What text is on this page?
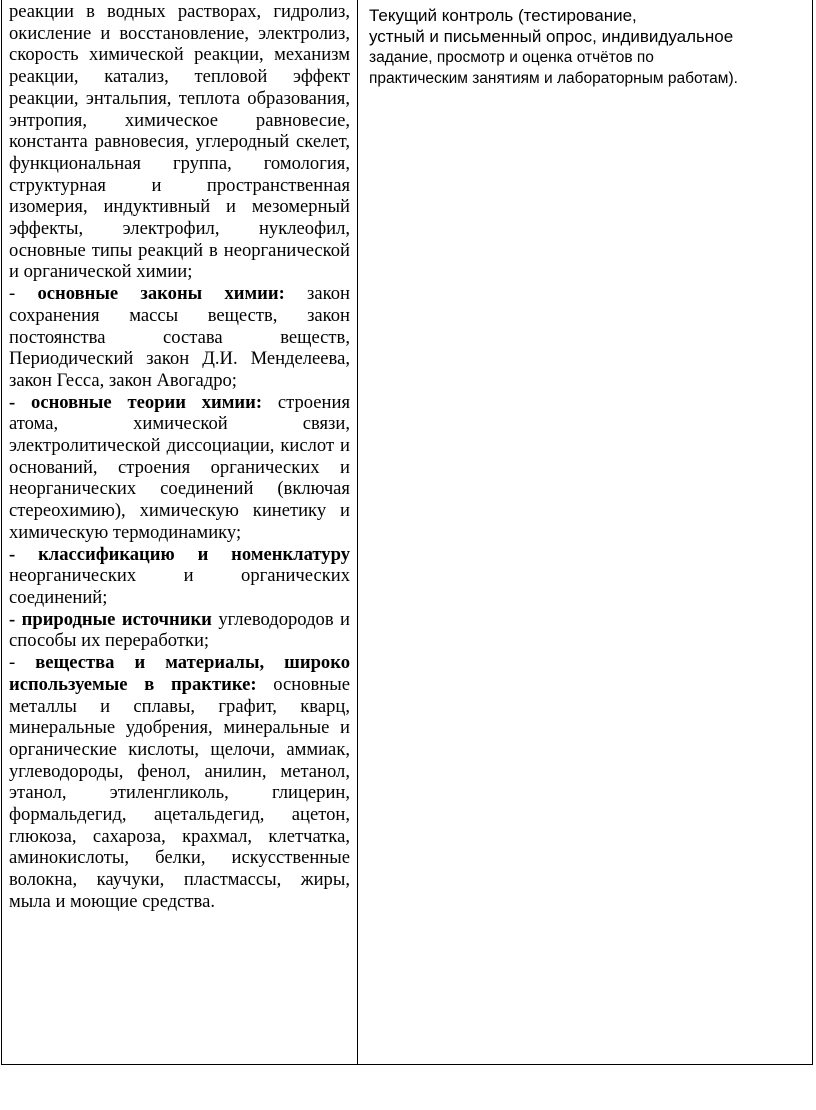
реакции в водных растворах, гидролиз, окисление и восстановление, электролиз, скорость химической реакции, механизм реакции, катализ, тепловой эффект реакции, энтальпия, теплота образования, энтропия, химическое равновесие, константа равновесия, углеродный скелет, функциональная группа, гомология, структурная и пространственная изомерия, индуктивный и мезомерный эффекты, электрофил, нуклеофил, основные типы реакций в неорганической и органической химии;

- основные законы химии: закон сохранения массы веществ, закон постоянства состава веществ, Периодический закон Д.И. Менделеева, закон Гесса, закон Авогадро;

- основные теории химии: строения атома, химической связи, электролитической диссоциации, кислот и оснований, строения органических и неорганических соединений (включая стереохимию), химическую кинетику и химическую термодинамику;

- классификацию и номенклатуру неорганических и органических соединений;

- природные источники углеводородов и способы их переработки;

- вещества и материалы, широко используемые в практике: основные металлы и сплавы, графит, кварц, минеральные удобрения, минеральные и органические кислоты, щелочи, аммиак, углеводороды, фенол, анилин, метанол, этанол, этиленгликоль, глицерин, формальдегид, ацетальдегид, ацетон, глюкоза, сахароза, крахмал, клетчатка, аминокислоты, белки, искусственные волокна, каучуки, пластмассы, жиры, мыла и моющие средства.

Текущий контроль (тестирование,
устный и письменный опрос, индивидуальное
задание, просмотр и оценка отчётов по
практическим занятиям и лабораторным работам).
